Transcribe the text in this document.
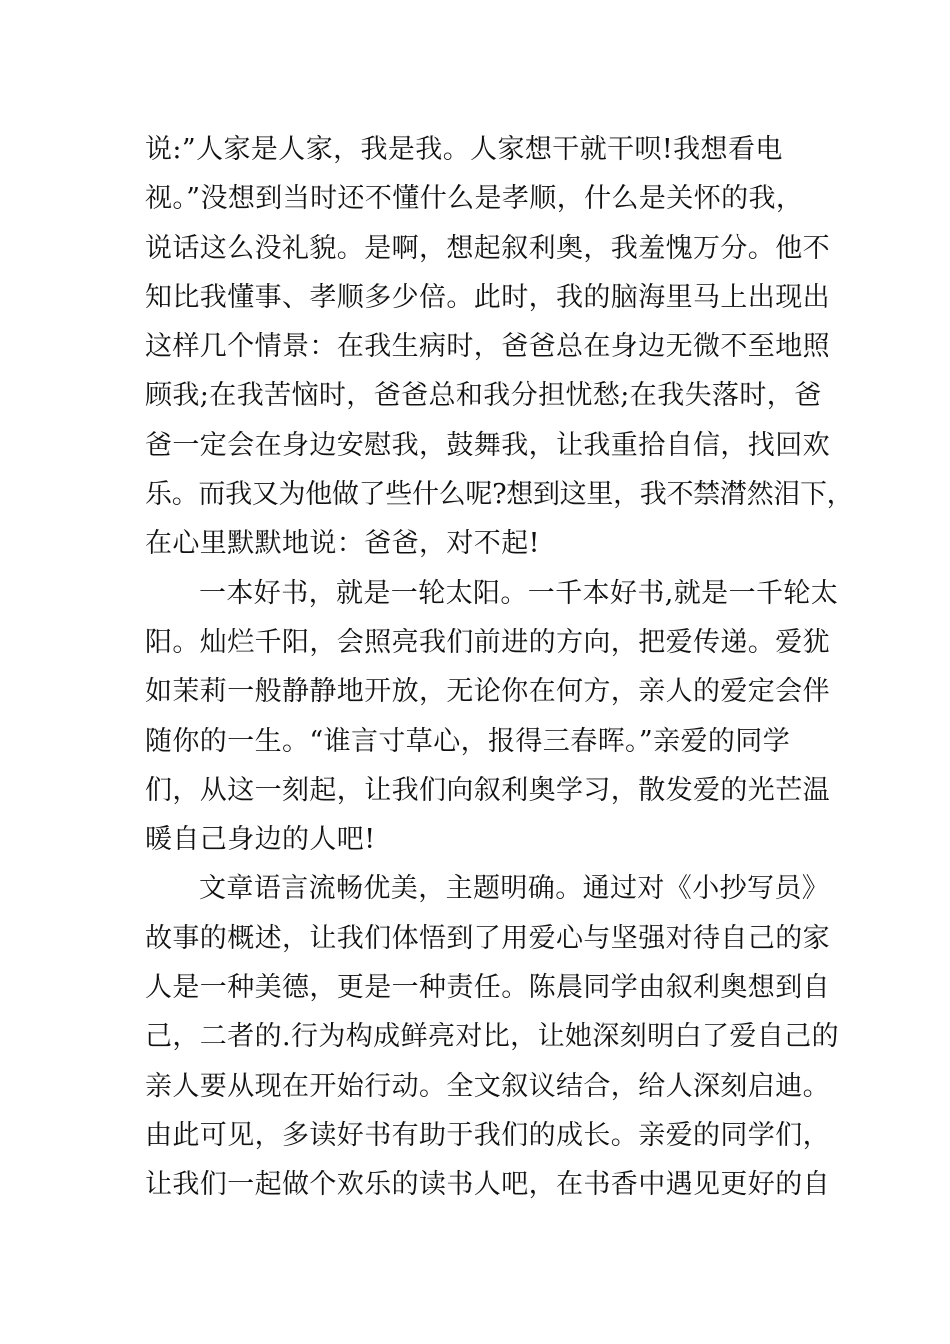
说:”人家是人家，我是我。人家想干就干呗!我想看电
视。”没想到当时还不懂什么是孝顺，什么是关怀的我，
说话这么没礼貌。是啊，想起叙利奥，我羞愧万分。他不
知比我懂事、孝顺多少倍。此时，我的脑海里马上出现出
这样几个情景：在我生病时，爸爸总在身边无微不至地照
顾我;在我苦恼时，爸爸总和我分担忧愁;在我失落时，爸
爸一定会在身边安慰我，鼓舞我，让我重拾自信，找回欢
乐。而我又为他做了些什么呢?想到这里，我不禁潸然泪下，
在心里默默地说：爸爸，对不起!
一本好书，就是一轮太阳。一千本好书,就是一千轮太
阳。灿烂千阳，会照亮我们前进的方向，把爱传递。爱犹
如茉莉一般静静地开放，无论你在何方，亲人的爱定会伴
随你的一生。“谁言寸草心，报得三春晖。”亲爱的同学
们，从这一刻起，让我们向叙利奥学习，散发爱的光芒温
暖自己身边的人吧!
文章语言流畅优美，主题明确。通过对《小抄写员》
故事的概述，让我们体悟到了用爱心与坚强对待自己的家
人是一种美德，更是一种责任。陈晨同学由叙利奥想到自
己，二者的.行为构成鲜亮对比，让她深刻明白了爱自己的
亲人要从现在开始行动。全文叙议结合，给人深刻启迪。
由此可见，多读好书有助于我们的成长。亲爱的同学们，
让我们一起做个欢乐的读书人吧，在书香中遇见更好的自
